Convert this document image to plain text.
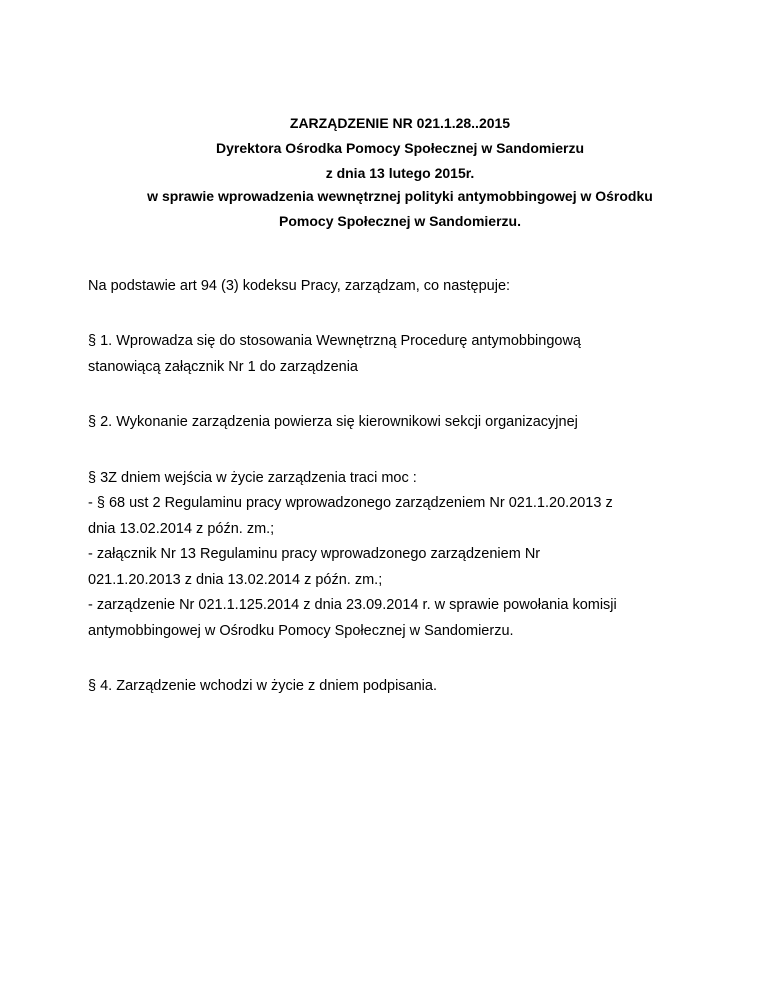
ZARZĄDZENIE NR 021.1.28..2015
Dyrektora Ośrodka Pomocy Społecznej w Sandomierzu
z dnia 13 lutego 2015r.
w sprawie wprowadzenia wewnętrznej polityki antymobbingowej w Ośrodku
Pomocy Społecznej w Sandomierzu.
Na podstawie art 94 (3) kodeksu Pracy, zarządzam, co następuje:
§ 1. Wprowadza się do stosowania Wewnętrzną Procedurę antymobbingową
stanowiącą załącznik Nr 1 do zarządzenia
§ 2. Wykonanie zarządzenia powierza się kierownikowi sekcji organizacyjnej
§ 3Z dniem wejścia w życie zarządzenia traci moc :
- § 68 ust 2 Regulaminu pracy wprowadzonego zarządzeniem Nr 021.1.20.2013 z
dnia 13.02.2014 z późn. zm.;
- załącznik Nr 13 Regulaminu pracy wprowadzonego zarządzeniem Nr
021.1.20.2013 z dnia 13.02.2014 z późn. zm.;
- zarządzenie Nr 021.1.125.2014 z dnia 23.09.2014 r. w sprawie powołania komisji
antymobbingowej w Ośrodku Pomocy Społecznej w Sandomierzu.
§ 4. Zarządzenie wchodzi w życie z dniem podpisania.
